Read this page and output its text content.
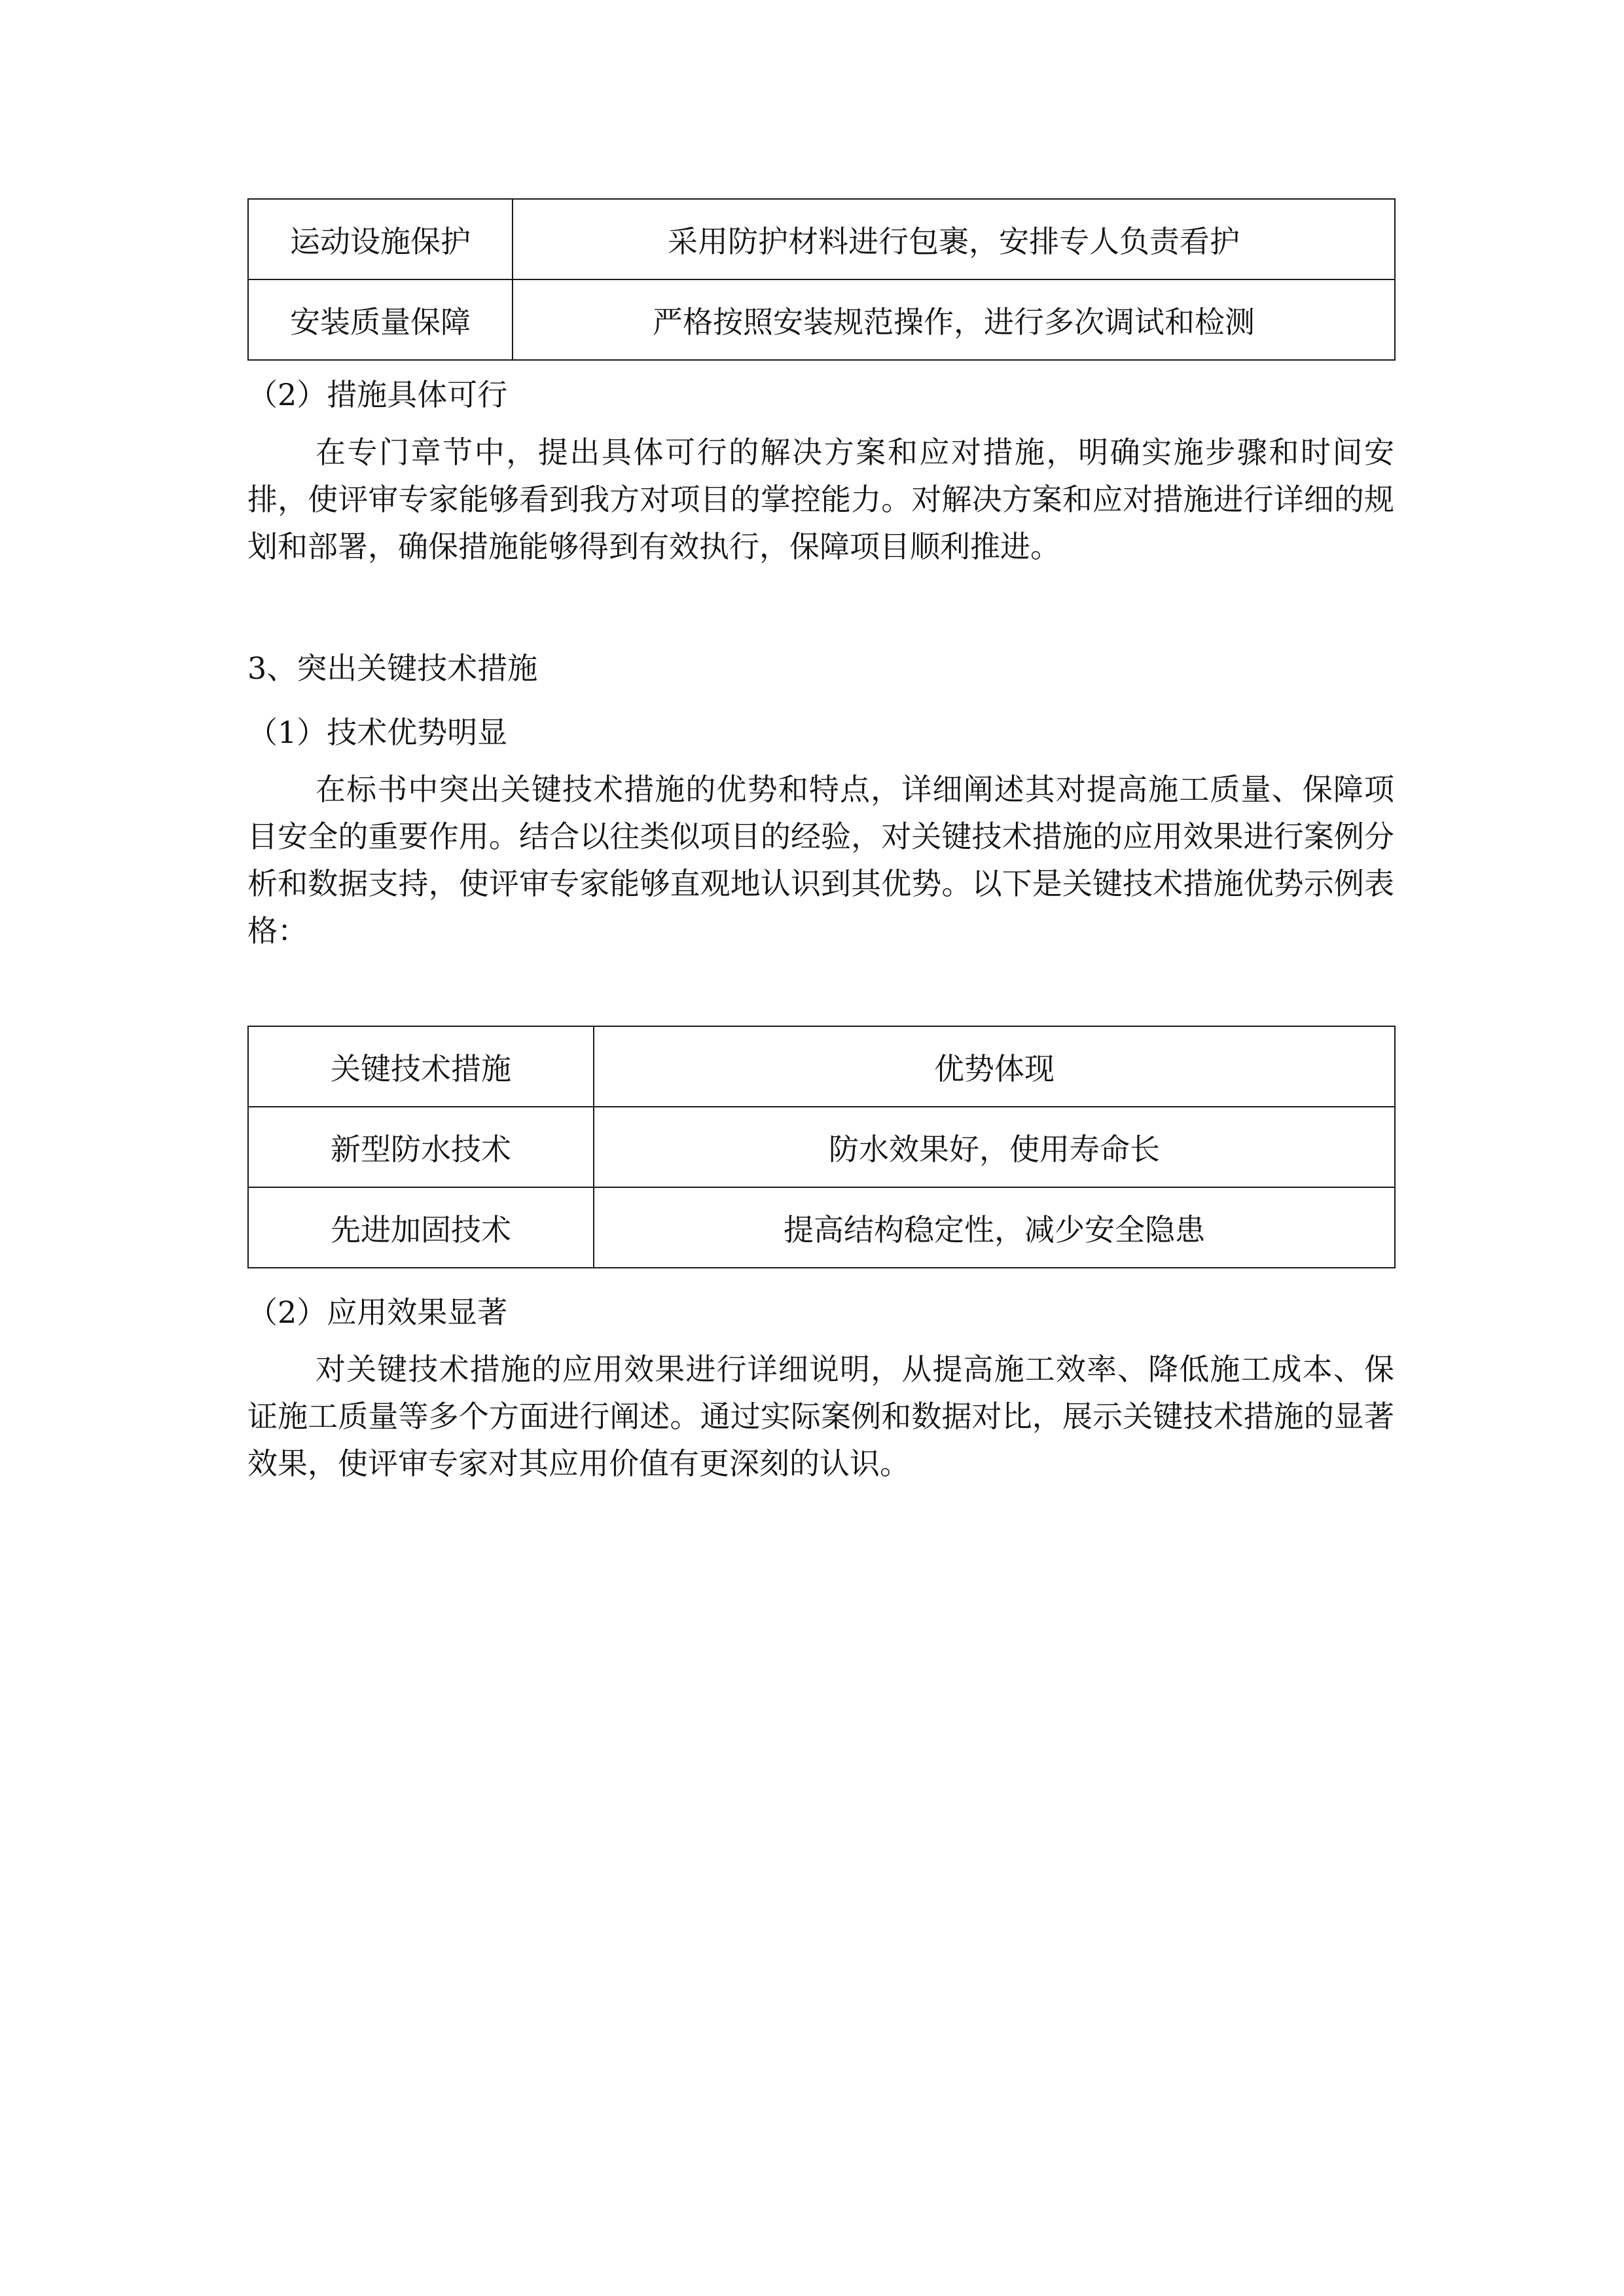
运动设施保护	采用防护材料进行包裹，安排专人负责看护
安装质量保障	严格按照安装规范操作，进行多次调试和检测
（2）措施具体可行
在专门章节中，提出具体可行的解决方案和应对措施，明确实施步骤和时间安排，使评审专家能够看到我方对项目的掌控能力。对解决方案和应对措施进行详细的规划和部署，确保措施能够得到有效执行，保障项目顺利推进。
3、突出关键技术措施
（1）技术优势明显
在标书中突出关键技术措施的优势和特点，详细阐述其对提高施工质量、保障项目安全的重要作用。结合以往类似项目的经验，对关键技术措施的应用效果进行案例分析和数据支持，使评审专家能够直观地认识到其优势。以下是关键技术措施优势示例表格：
关键技术措施	优势体现
新型防水技术	防水效果好，使用寿命长
先进加固技术	提高结构稳定性，减少安全隐患
（2）应用效果显著
对关键技术措施的应用效果进行详细说明，从提高施工效率、降低施工成本、保证施工质量等多个方面进行阐述。通过实际案例和数据对比，展示关键技术措施的显著效果，使评审专家对其应用价值有更深刻的认识。
